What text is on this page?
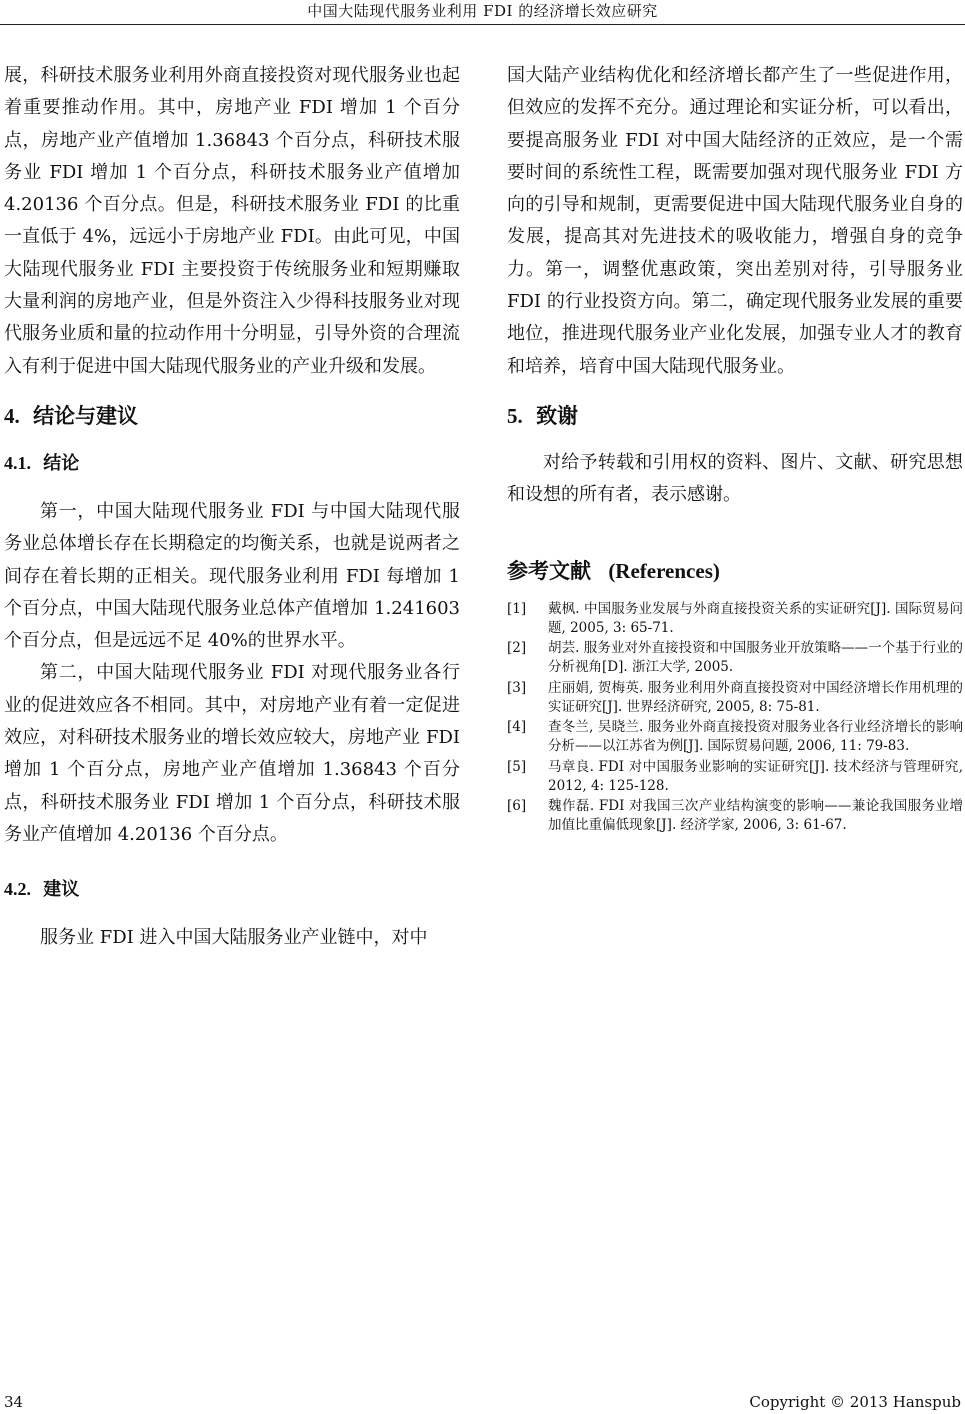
中国大陆现代服务业利用 FDI 的经济增长效应研究

展，科研技术服务业利用外商直接投资对现代服务业也起着重要推动作用。其中，房地产业 FDI 增加 1 个百分点，房地产业产值增加 1.36843 个百分点，科研技术服务业 FDI 增加 1 个百分点，科研技术服务业产值增加 4.20136 个百分点。但是，科研技术服务业 FDI 的比重一直低于 4%，远远小于房地产业 FDI。由此可见，中国大陆现代服务业 FDI 主要投资于传统服务业和短期赚取大量利润的房地产业，但是外资注入少得科技服务业对现代服务业质和量的拉动作用十分明显，引导外资的合理流入有利于促进中国大陆现代服务业的产业升级和发展。

4. 结论与建议
4.1. 结论

第一，中国大陆现代服务业 FDI 与中国大陆现代服务业总体增长存在长期稳定的均衡关系，也就是说两者之间存在着长期的正相关。现代服务业利用 FDI 每增加 1 个百分点，中国大陆现代服务业总体产值增加 1.241603 个百分点，但是远远不足 40%的世界水平。

第二，中国大陆现代服务业 FDI 对现代服务业各行业的促进效应各不相同。其中，对房地产业有着一定促进效应，对科研技术服务业的增长效应较大，房地产业 FDI 增加 1 个百分点，房地产业产值增加 1.36843 个百分点，科研技术服务业 FDI 增加 1 个百分点，科研技术服务业产值增加 4.20136 个百分点。

4.2. 建议

服务业 FDI 进入中国大陆服务业产业链中，对中

国大陆产业结构优化和经济增长都产生了一些促进作用，但效应的发挥不充分。通过理论和实证分析，可以看出，要提高服务业 FDI 对中国大陆经济的正效应，是一个需要时间的系统性工程，既需要加强对现代服务业 FDI 方向的引导和规制，更需要促进中国大陆现代服务业自身的发展，提高其对先进技术的吸收能力，增强自身的竞争力。第一，调整优惠政策，突出差别对待，引导服务业 FDI 的行业投资方向。第二，确定现代服务业发展的重要地位，推进现代服务业产业化发展，加强专业人才的教育和培养，培育中国大陆现代服务业。

5. 致谢

对给予转载和引用权的资料、图片、文献、研究思想和设想的所有者，表示感谢。

参考文献 (References)
[1]	戴枫. 中国服务业发展与外商直接投资关系的实证研究[J]. 国际贸易问题, 2005, 3: 65-71.
[2]	胡芸. 服务业对外直接投资和中国服务业开放策略——一个基于行业的分析视角[D]. 浙江大学, 2005.
[3]	庄丽娟, 贺梅英. 服务业利用外商直接投资对中国经济增长作用机理的实证研究[J]. 世界经济研究, 2005, 8: 75-81.
[4]	查冬兰, 吴晓兰. 服务业外商直接投资对服务业各行业经济增长的影响分析——以江苏省为例[J]. 国际贸易问题, 2006, 11: 79-83.
[5]	马章良. FDI 对中国服务业影响的实证研究[J]. 技术经济与管理研究, 2012, 4: 125-128.
[6]	魏作磊. FDI 对我国三次产业结构演变的影响——兼论我国服务业增加值比重偏低现象[J]. 经济学家, 2006, 3: 61-67.
34	Copyright © 2013 Hanspub
